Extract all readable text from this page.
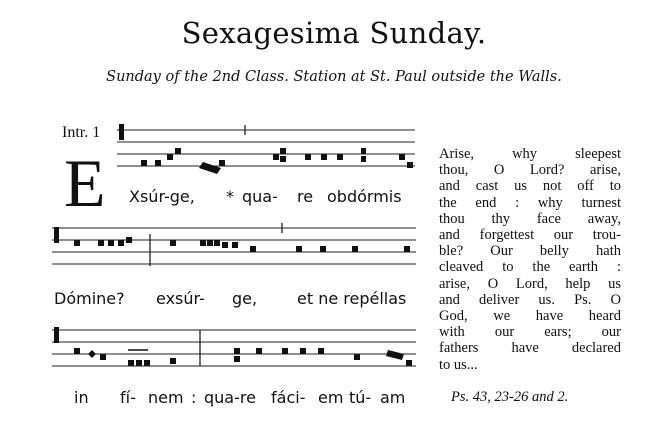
Sexagesima Sunday.
Sunday of the 2nd Class. Station at St. Paul outside the Walls.
Intr. 1
E Xsúr-ge, * qua- re obdórmis
Dómine? exsúr- ge, et ne repéllas
in fí- nem : qua-re fáci- em tú- am
Arise, why sleepest
thou, O Lord? arise,
and cast us not off to
the end : why turnest
thou thy face away,
and forgettest our trou-
ble? Our belly hath
cleaved to the earth :
arise, O Lord, help us
and deliver us. Ps. O
God, we have heard
with our ears; our
fathers have declared
to us...
Ps. 43, 23-26 and 2.
